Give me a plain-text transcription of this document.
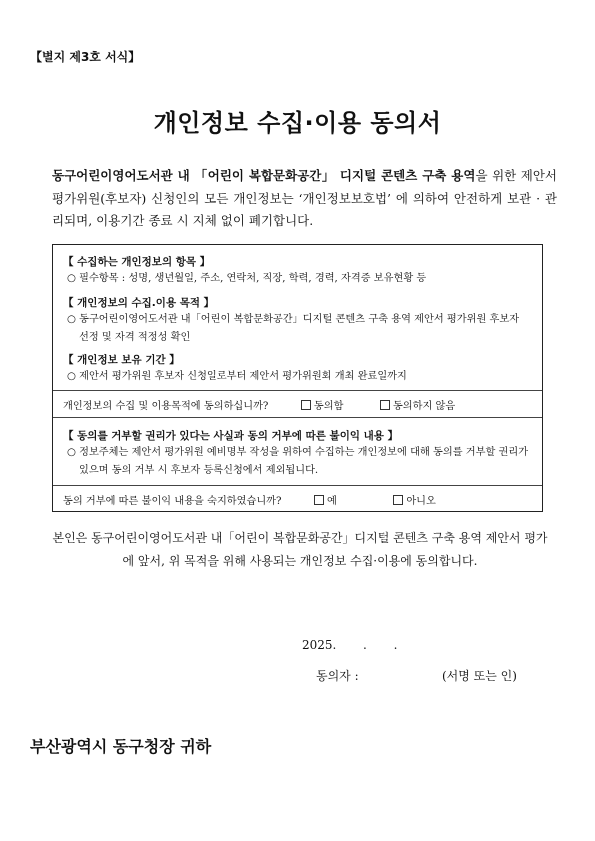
【별지 제3호 서식】
개인정보 수집·이용 동의서
동구어린이영어도서관 내 「어린이 복합문화공간」 디지털 콘텐츠 구축 용역을 위한 제안서 평가위원(후보자) 신청인의 모든 개인정보는 ‘개인정보보호법’ 에 의하여 안전하게 보관 · 관리되며, 이용기간 종료 시 지체 없이 폐기합니다.
【 수집하는 개인정보의 항목 】
○ 필수항목 : 성명, 생년월일, 주소, 연락처, 직장, 학력, 경력, 자격증 보유현황 등
【 개인정보의 수집.이용 목적 】
○ 동구어린이영어도서관 내「어린이 복합문화공간」디지털 콘텐츠 구축 용역 제안서 평가위원 후보자 선정 및 자격 적정성 확인
【 개인정보 보유 기간 】
○ 제안서 평가위원 후보자 신청일로부터 제안서 평가위원회 개최 완료일까지
개인정보의 수집 및 이용목적에 동의하십니까?	동의함	동의하지 않음
【 동의를 거부할 권리가 있다는 사실과 동의 거부에 따른 불이익 내용 】
○ 정보주체는 제안서 평가위원 예비명부 작성을 위하여 수집하는 개인정보에 대해 동의를 거부할 권리가 있으며 동의 거부 시 후보자 등록신청에서 제외됩니다.
동의 거부에 따른 불이익 내용을 숙지하였습니까?	예	아니오
본인은 동구어린이영어도서관 내「어린이 복합문화공간」디지털 콘텐츠 구축 용역 제안서 평가에 앞서, 위 목적을 위해 사용되는 개인정보 수집·이용에 동의합니다.
2025.       .       .
동의자 :	(서명 또는 인)
부산광역시 동구청장 귀하
